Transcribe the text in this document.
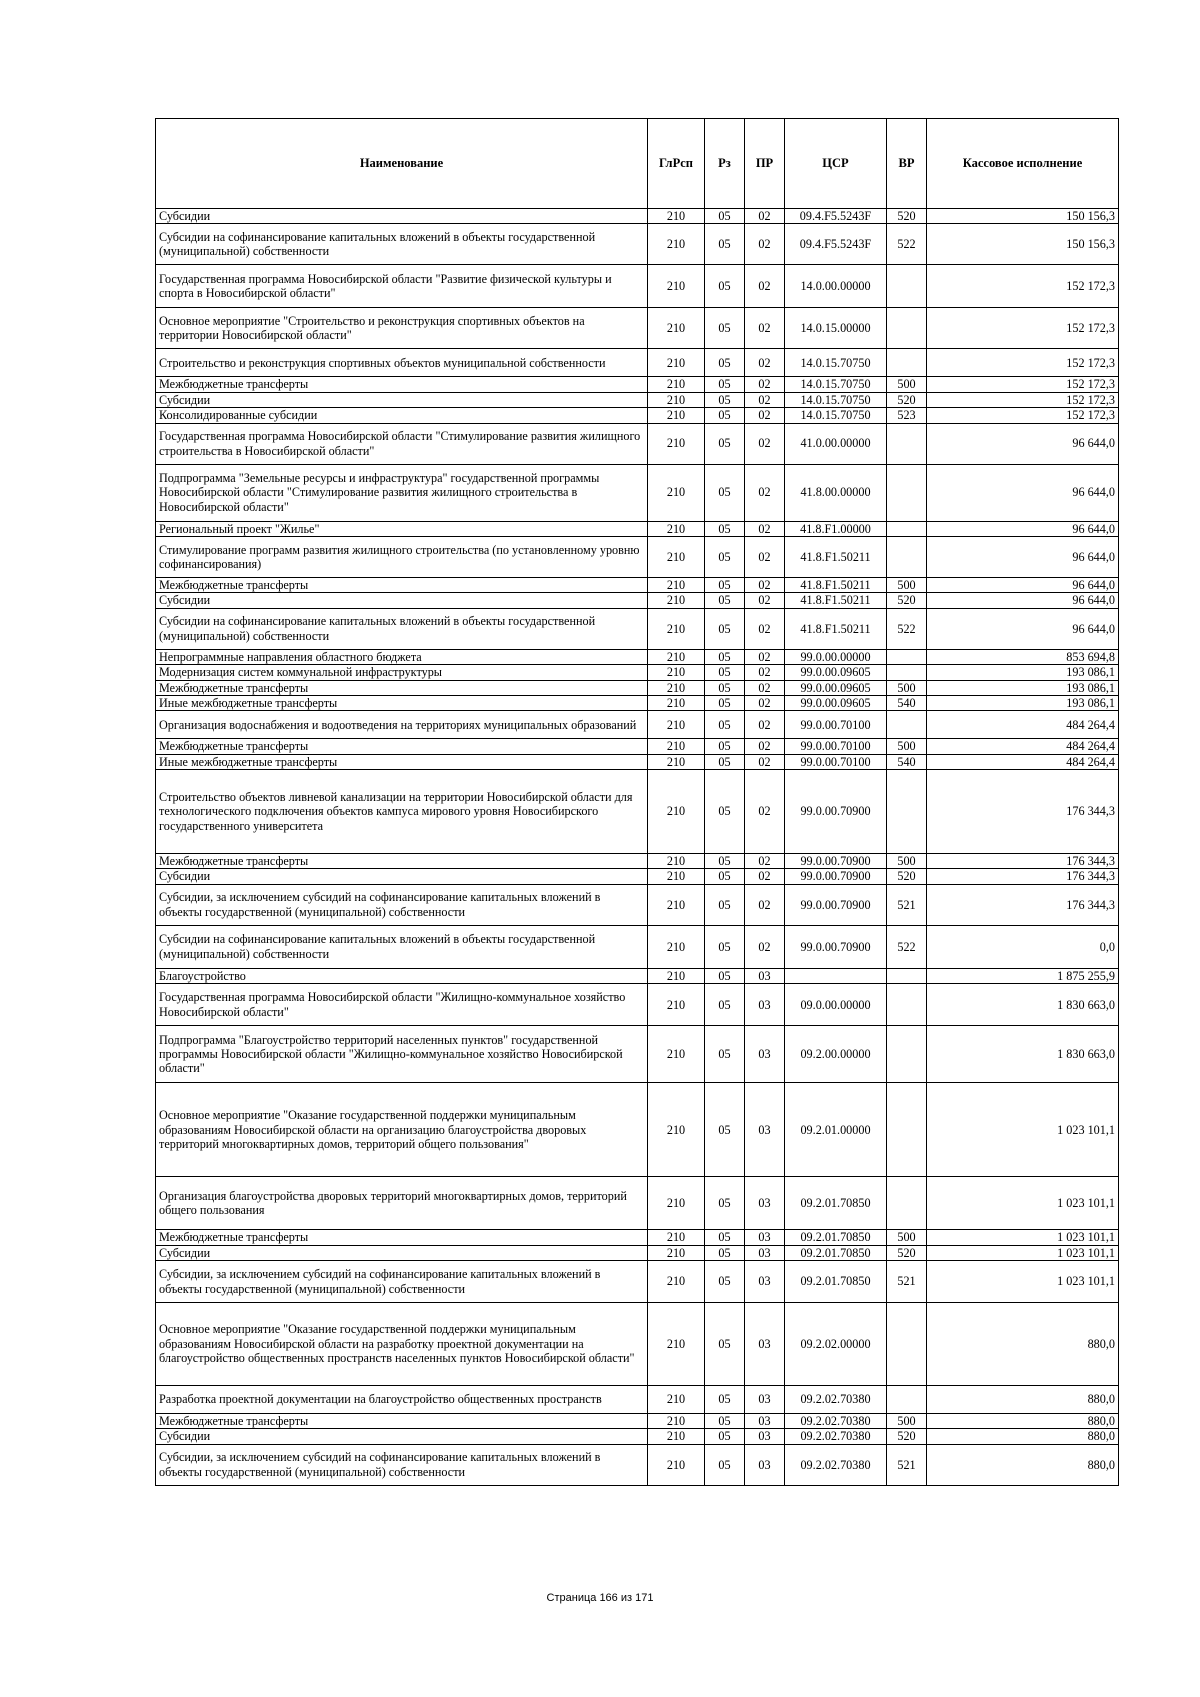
Наименование	ГлРсп	Рз	ПР	ЦСР	ВР	Кассовое исполнение
Субсидии	210	05	02	09.4.F5.5243F	520	150 156,3
Субсидии на софинансирование капитальных вложений в объекты государственной (муниципальной) собственности	210	05	02	09.4.F5.5243F	522	150 156,3
Государственная программа Новосибирской области "Развитие физической культуры и спорта в Новосибирской области"	210	05	02	14.0.00.00000		152 172,3
Основное мероприятие "Строительство и реконструкция спортивных объектов на территории Новосибирской области"	210	05	02	14.0.15.00000		152 172,3
Строительство и реконструкция спортивных объектов муниципальной собственности	210	05	02	14.0.15.70750		152 172,3
Межбюджетные трансферты	210	05	02	14.0.15.70750	500	152 172,3
Субсидии	210	05	02	14.0.15.70750	520	152 172,3
Консолидированные субсидии	210	05	02	14.0.15.70750	523	152 172,3
Государственная программа Новосибирской области "Стимулирование развития жилищного строительства в Новосибирской области"	210	05	02	41.0.00.00000		96 644,0
Подпрограмма "Земельные ресурсы и инфраструктура" государственной программы Новосибирской области "Стимулирование развития жилищного строительства в Новосибирской области"	210	05	02	41.8.00.00000		96 644,0
Региональный проект "Жилье"	210	05	02	41.8.F1.00000		96 644,0
Стимулирование программ развития жилищного строительства (по установленному уровню софинансирования)	210	05	02	41.8.F1.50211		96 644,0
Межбюджетные трансферты	210	05	02	41.8.F1.50211	500	96 644,0
Субсидии	210	05	02	41.8.F1.50211	520	96 644,0
Субсидии на софинансирование капитальных вложений в объекты государственной (муниципальной) собственности	210	05	02	41.8.F1.50211	522	96 644,0
Непрограммные направления областного бюджета	210	05	02	99.0.00.00000		853 694,8
Модернизация систем коммунальной инфраструктуры	210	05	02	99.0.00.09605		193 086,1
Межбюджетные трансферты	210	05	02	99.0.00.09605	500	193 086,1
Иные межбюджетные трансферты	210	05	02	99.0.00.09605	540	193 086,1
Организация водоснабжения и водоотведения на территориях муниципальных образований	210	05	02	99.0.00.70100		484 264,4
Межбюджетные трансферты	210	05	02	99.0.00.70100	500	484 264,4
Иные межбюджетные трансферты	210	05	02	99.0.00.70100	540	484 264,4
Строительство объектов ливневой канализации на территории Новосибирской области для технологического подключения объектов кампуса мирового уровня Новосибирского государственного университета	210	05	02	99.0.00.70900		176 344,3
Межбюджетные трансферты	210	05	02	99.0.00.70900	500	176 344,3
Субсидии	210	05	02	99.0.00.70900	520	176 344,3
Субсидии, за исключением субсидий на софинансирование капитальных вложений в объекты государственной (муниципальной) собственности	210	05	02	99.0.00.70900	521	176 344,3
Субсидии на софинансирование капитальных вложений в объекты государственной (муниципальной) собственности	210	05	02	99.0.00.70900	522	0,0
Благоустройство	210	05	03			1 875 255,9
Государственная программа Новосибирской области "Жилищно-коммунальное хозяйство Новосибирской области"	210	05	03	09.0.00.00000		1 830 663,0
Подпрограмма "Благоустройство территорий населенных пунктов" государственной программы Новосибирской области "Жилищно-коммунальное хозяйство Новосибирской области"	210	05	03	09.2.00.00000		1 830 663,0
Основное мероприятие "Оказание государственной поддержки муниципальным образованиям Новосибирской области на организацию благоустройства дворовых территорий многоквартирных домов, территорий общего пользования"	210	05	03	09.2.01.00000		1 023 101,1
Организация благоустройства дворовых территорий многоквартирных домов, территорий общего пользования	210	05	03	09.2.01.70850		1 023 101,1
Межбюджетные трансферты	210	05	03	09.2.01.70850	500	1 023 101,1
Субсидии	210	05	03	09.2.01.70850	520	1 023 101,1
Субсидии, за исключением субсидий на софинансирование капитальных вложений в объекты государственной (муниципальной) собственности	210	05	03	09.2.01.70850	521	1 023 101,1
Основное мероприятие "Оказание государственной поддержки муниципальным образованиям Новосибирской области на разработку проектной документации на благоустройство общественных пространств населенных пунктов Новосибирской области"	210	05	03	09.2.02.00000		880,0
Разработка проектной документации на благоустройство общественных пространств	210	05	03	09.2.02.70380		880,0
Межбюджетные трансферты	210	05	03	09.2.02.70380	500	880,0
Субсидии	210	05	03	09.2.02.70380	520	880,0
Субсидии, за исключением субсидий на софинансирование капитальных вложений в объекты государственной (муниципальной) собственности	210	05	03	09.2.02.70380	521	880,0
Страница 166 из 171
